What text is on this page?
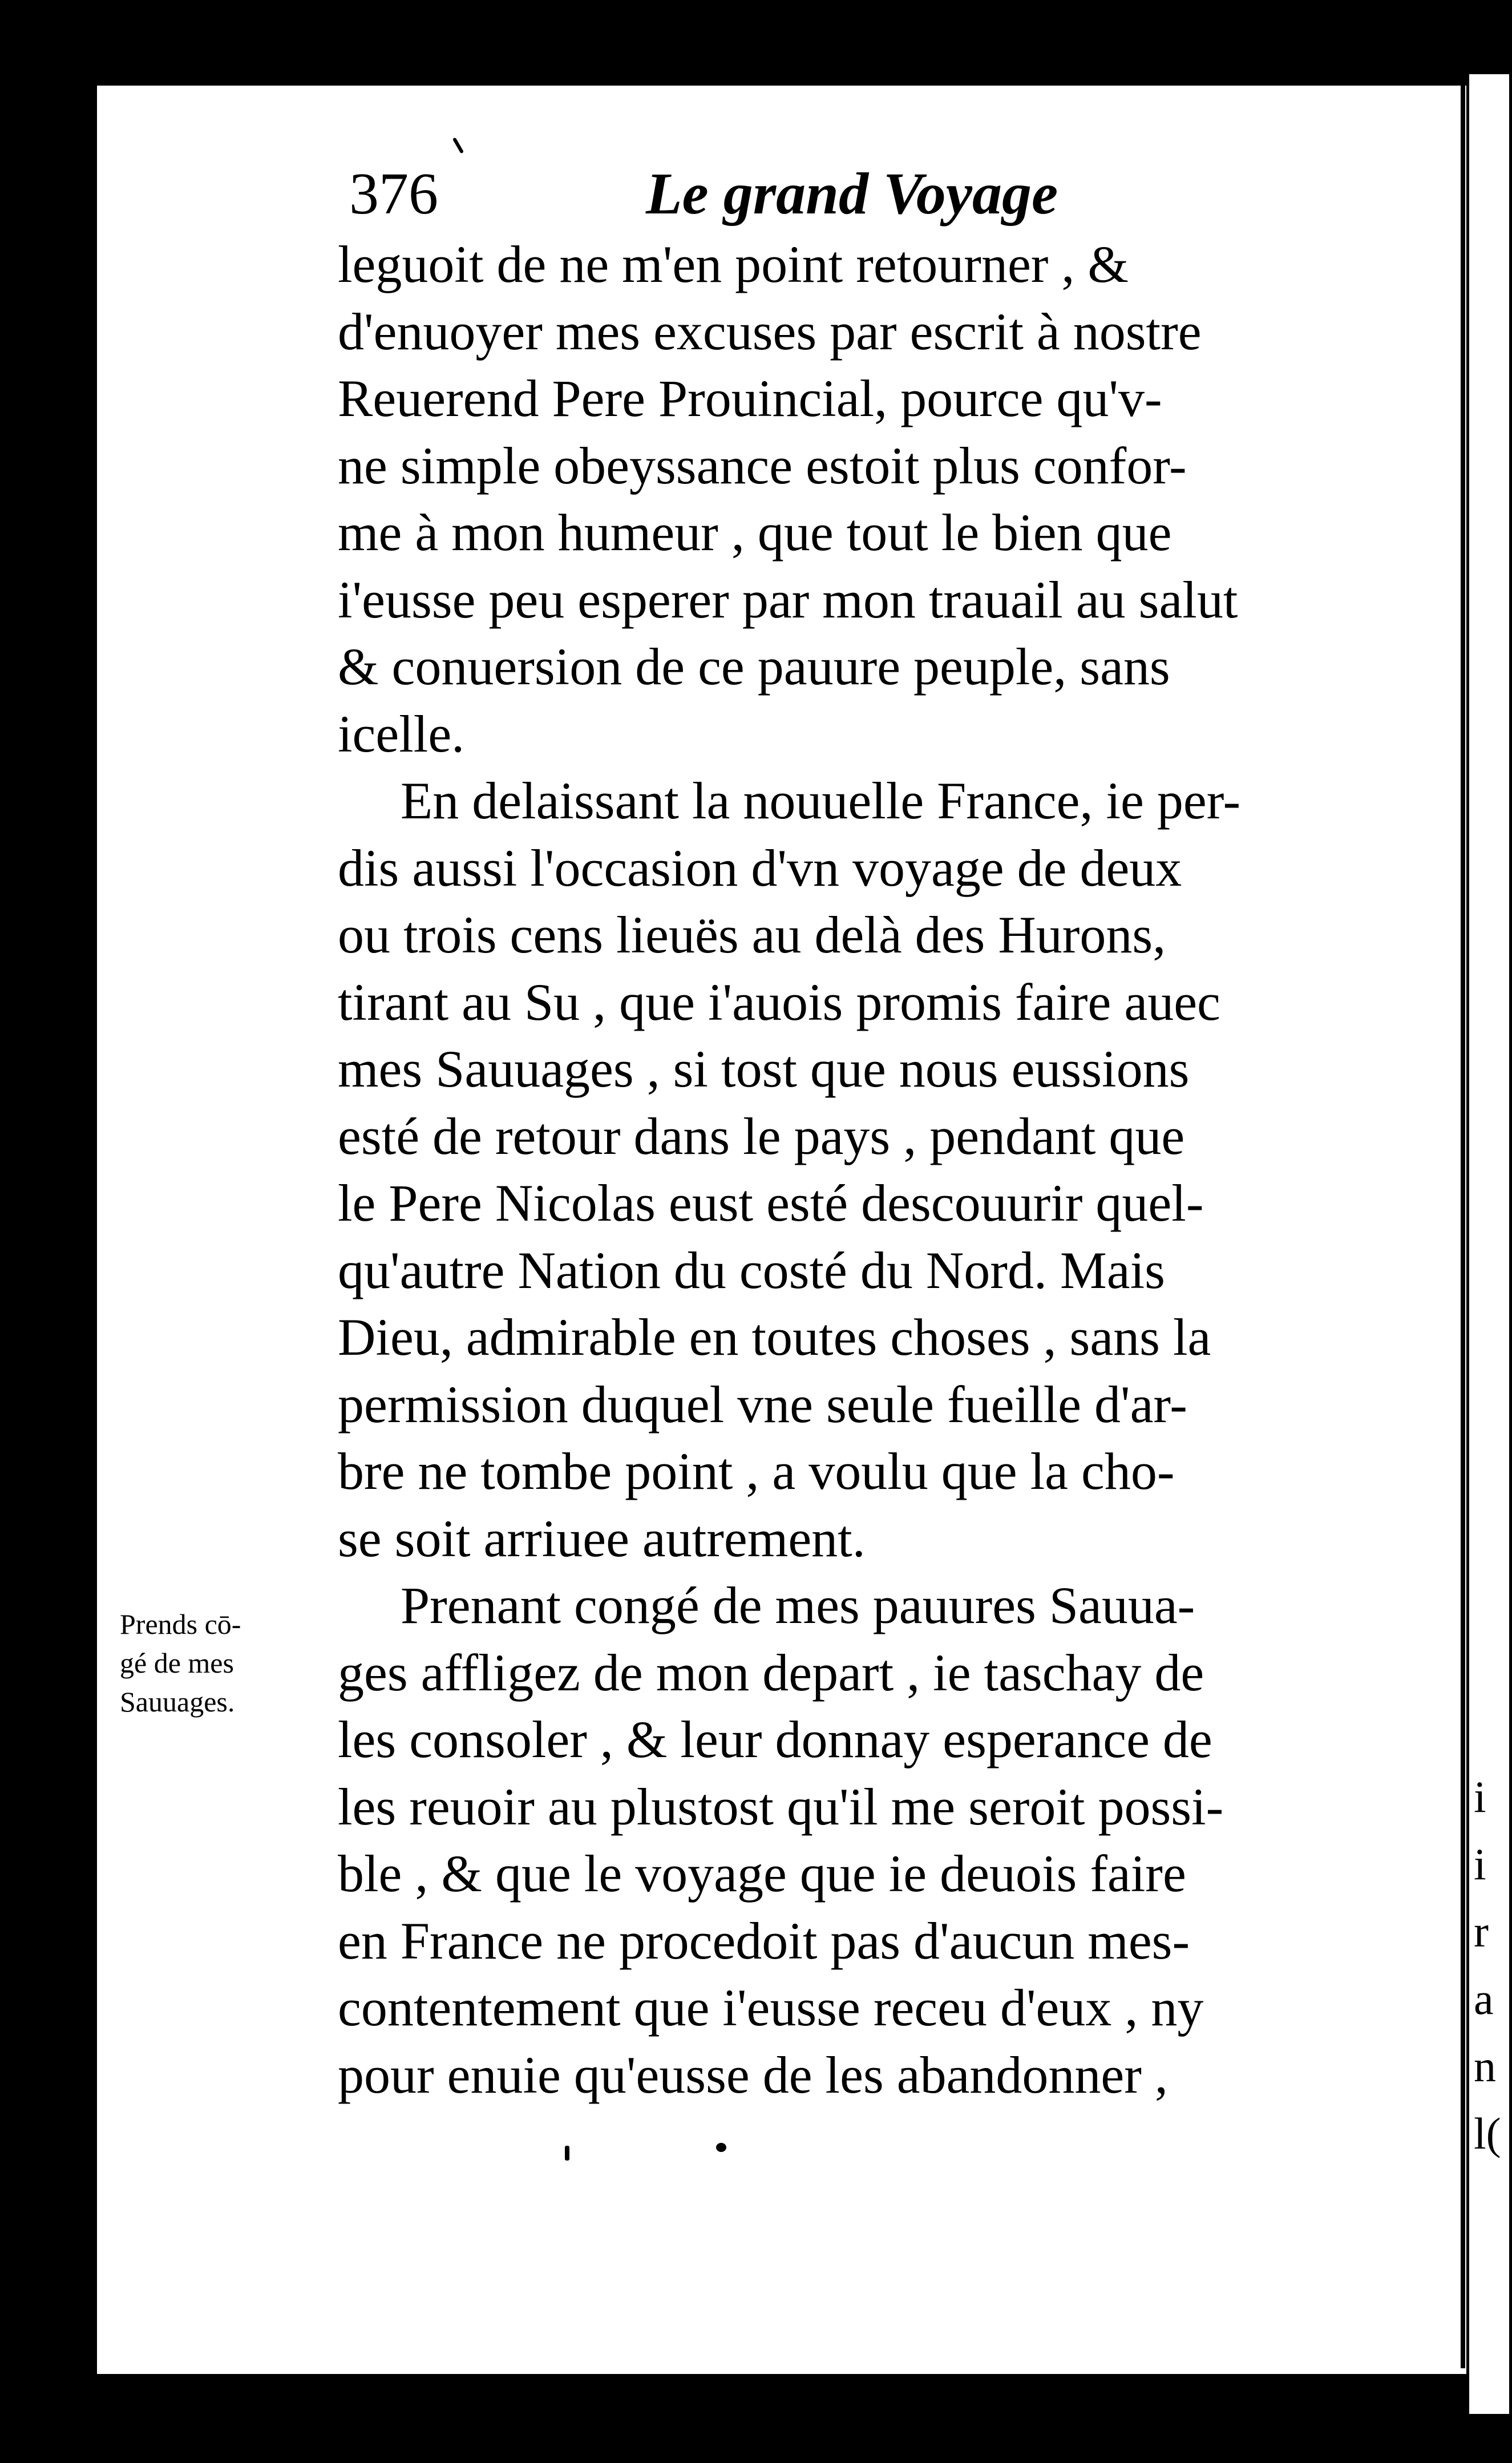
i
i
r
a
n
l(
376	Le grand Voyage
leguoit de ne m'en point retourner , &
d'enuoyer mes excuses par escrit à nostre
Reuerend Pere Prouincial, pource qu'v-
ne simple obeyssance estoit plus confor-
me à mon humeur , que tout le bien que
i'eusse peu esperer par mon trauail au salut
& conuersion de ce pauure peuple, sans
icelle.
En delaissant la nouuelle France, ie per-
dis aussi l'occasion d'vn voyage de deux
ou trois cens lieuës au delà des Hurons,
tirant au Su , que i'auois promis faire auec
mes Sauuages , si tost que nous eussions
esté de retour dans le pays , pendant que
le Pere Nicolas eust esté descouurir quel-
qu'autre Nation du costé du Nord. Mais
Dieu, admirable en toutes choses , sans la
permission duquel vne seule fueille d'ar-
bre ne tombe point , a voulu que la cho-
se soit arriuee autrement.
Prenant congé de mes pauures Sauua-
ges affligez de mon depart , ie taschay de
les consoler , & leur donnay esperance de
les reuoir au plustost qu'il me seroit possi-
ble , & que le voyage que ie deuois faire
en France ne procedoit pas d'aucun mes-
contentement que i'eusse receu d'eux , ny
pour enuie qu'eusse de les abandonner ,
Prends cō-
gé de mes
Sauuages.
